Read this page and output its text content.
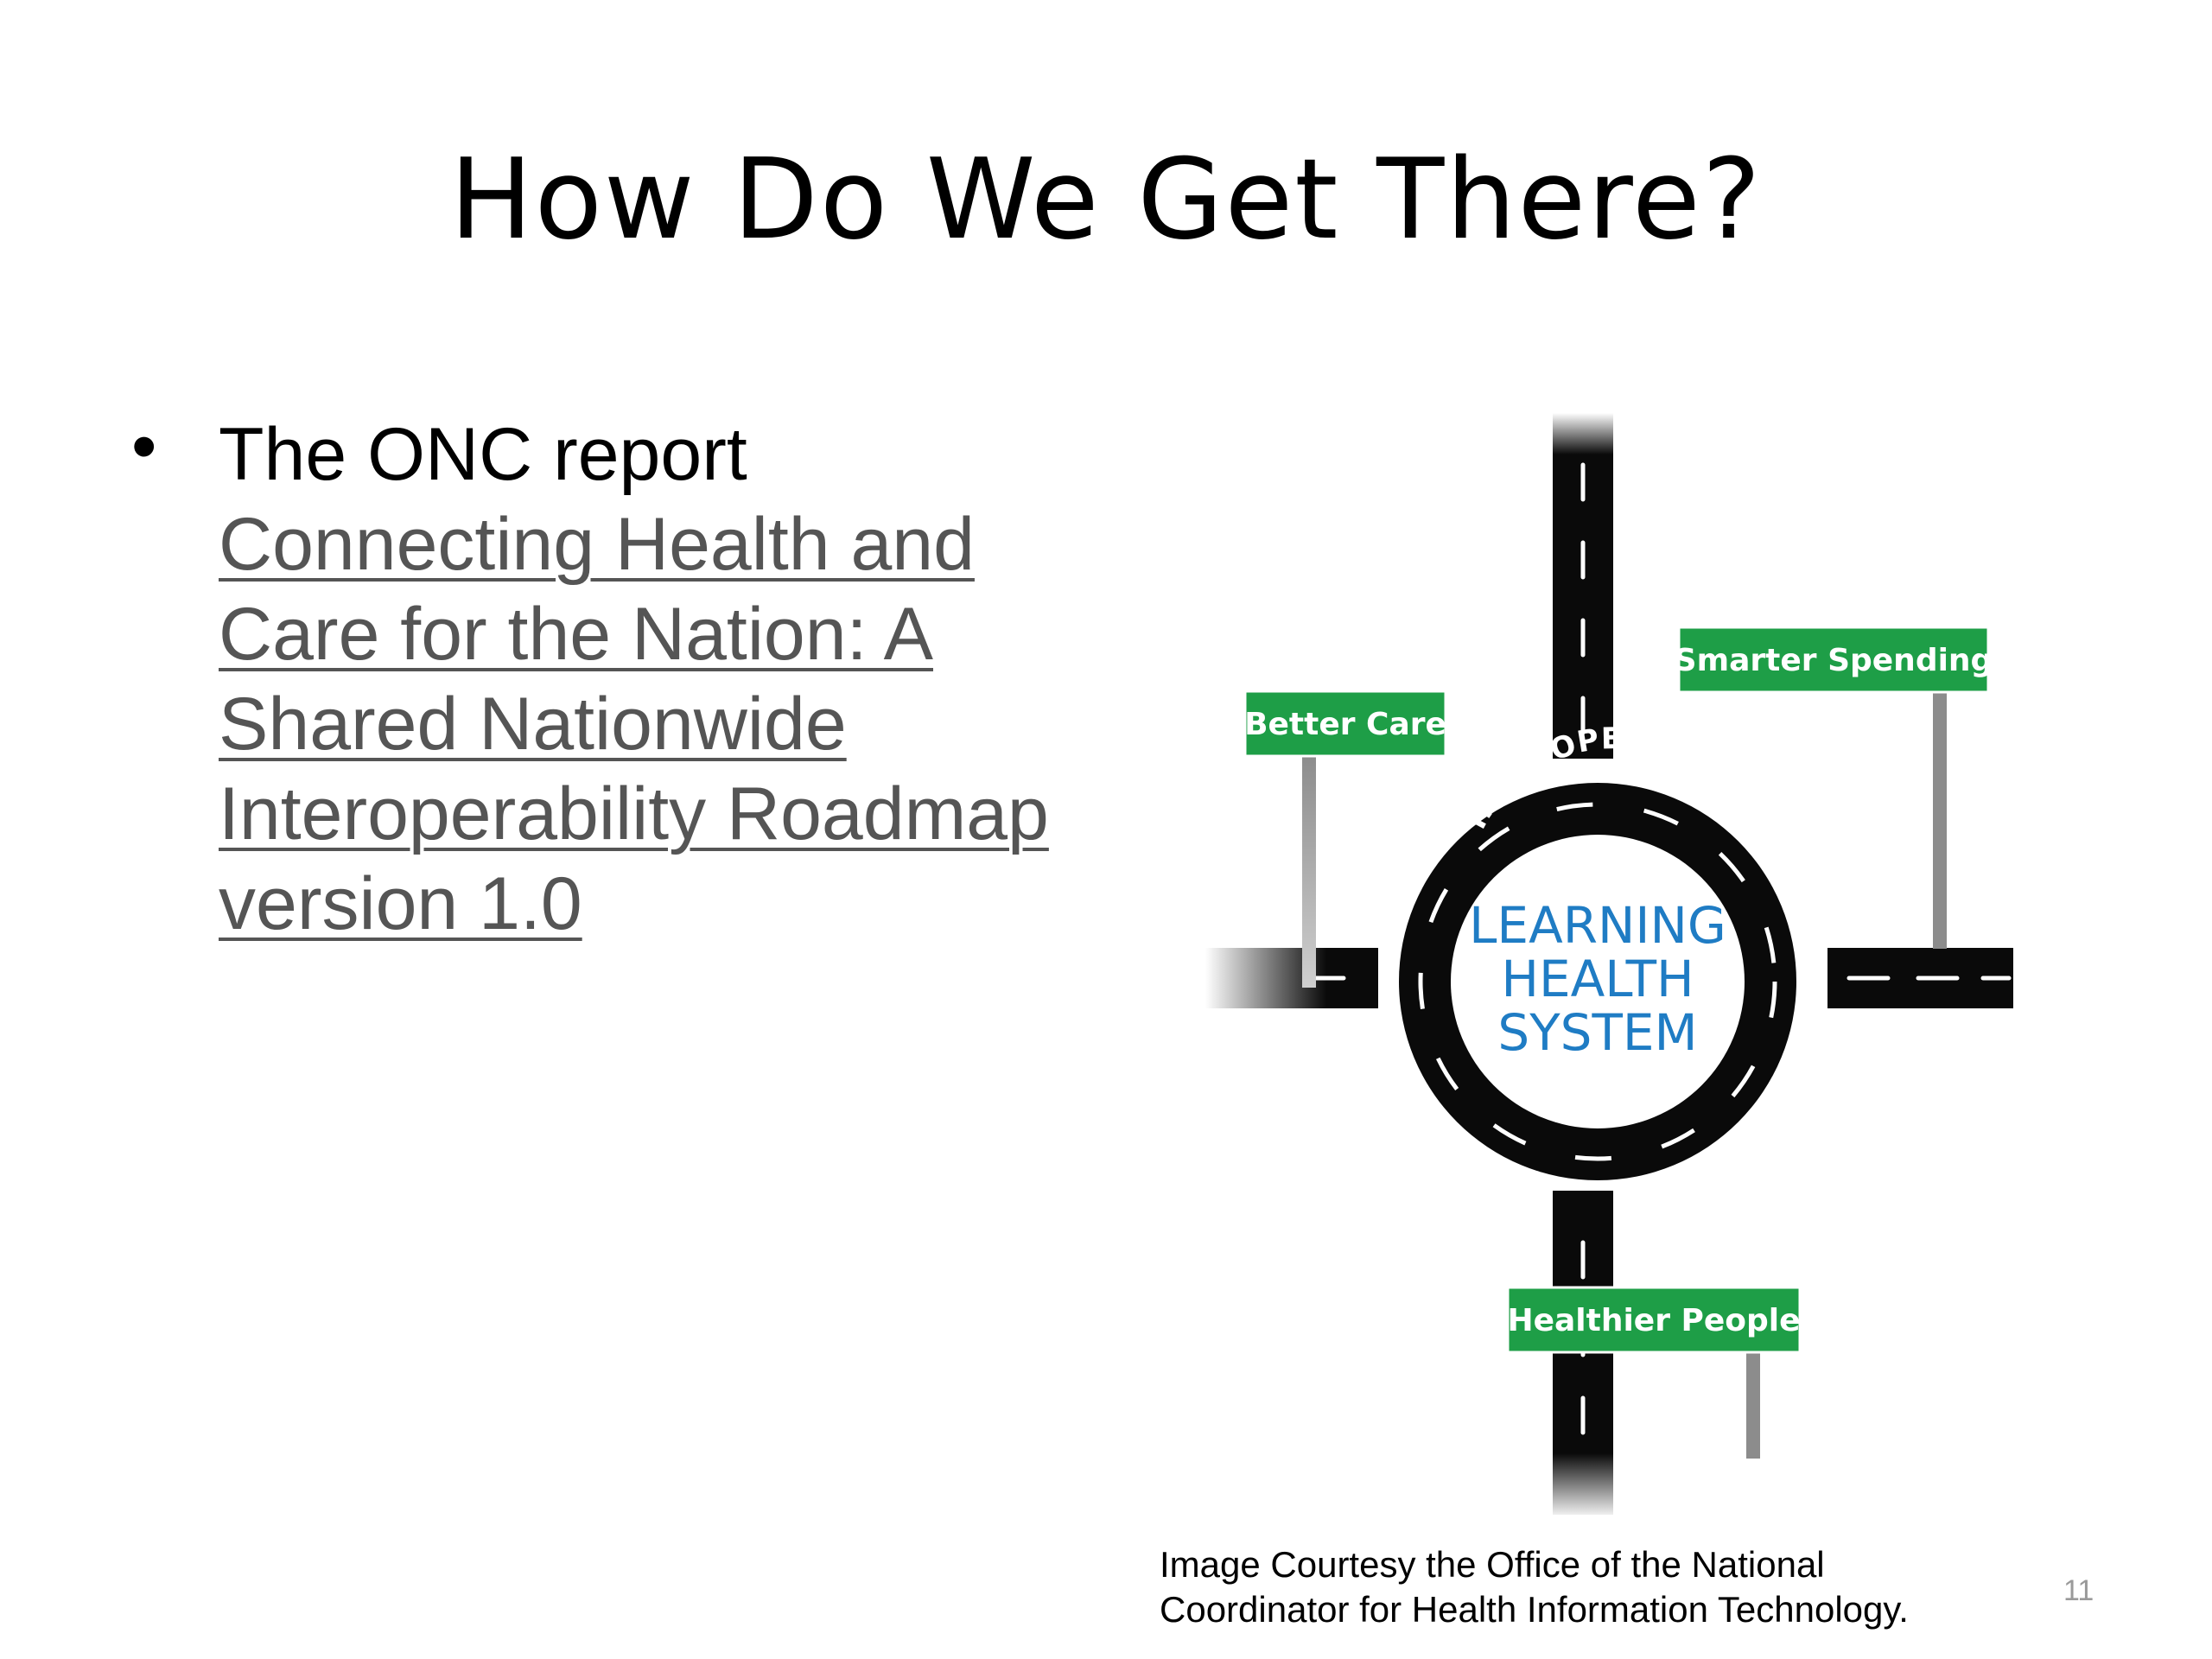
How Do We Get There?
• The ONC report
Connecting Health and
Care for the Nation: A
Shared Nationwide
Interoperability Roadmap
version 1.0
INTEROPERABILITY
LEARNING
HEALTH
SYSTEM
Better Care
Smarter Spending
Healthier People
Image Courtesy the Office of the National
Coordinator for Health Information Technology.	11
